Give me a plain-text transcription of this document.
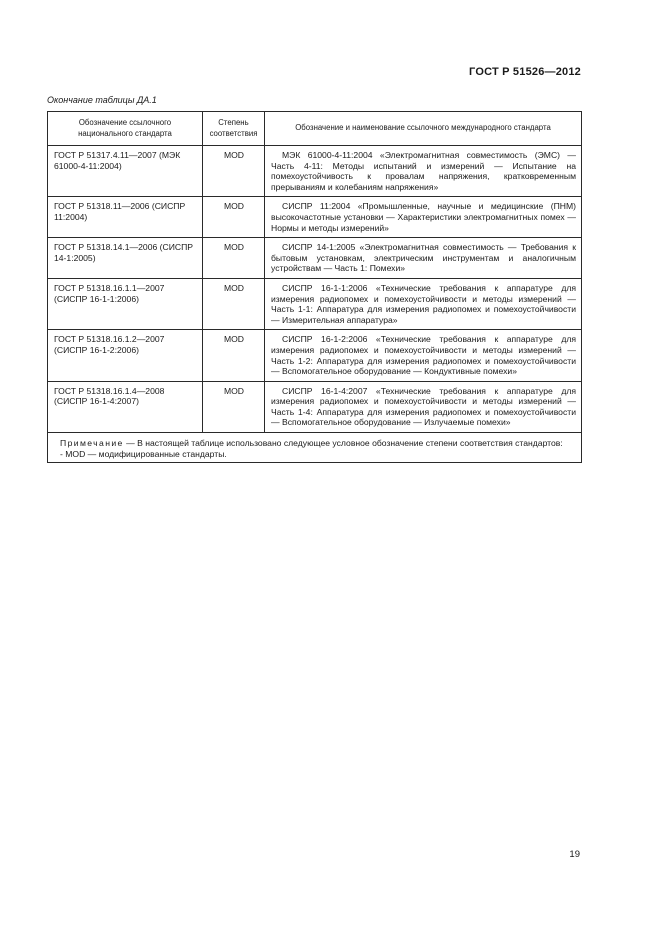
ГОСТ Р 51526—2012
Окончание таблицы ДА.1
Обозначение ссылочного национального стандарта	Степень соответствия	Обозначение и наименование ссылочного международного стандарта
ГОСТ Р 51317.4.11—2007 (МЭК 61000-4-11:2004)	MOD	МЭК 61000-4-11:2004 «Электромагнитная совместимость (ЭМС) — Часть 4-11: Методы испытаний и измерений — Испытание на помехоустойчивость к провалам напряжения, кратковременным прерываниям и колебаниям напряжения»

ГОСТ Р 51318.11—2006 (СИСПР 11:2004)	MOD	СИСПР 11:2004 «Промышленные, научные и медицинские (ПНМ) высокочастотные установки — Характеристики электромагнитных помех — Нормы и методы измерений»

ГОСТ Р 51318.14.1—2006 (СИСПР 14-1:2005)	MOD	СИСПР 14-1:2005 «Электромагнитная совместимость — Требования к бытовым установкам, электрическим инструментам и аналогичным устройствам — Часть 1: Помехи»

ГОСТ Р 51318.16.1.1—2007 (СИСПР 16-1-1:2006)	MOD	СИСПР 16-1-1:2006 «Технические требования к аппаратуре для измерения радиопомех и помехоустойчивости и методы измерений — Часть 1-1: Аппаратура для измерения радиопомех и помехоустойчивости — Измерительная аппаратура»

ГОСТ Р 51318.16.1.2—2007 (СИСПР 16-1-2:2006)	MOD	СИСПР 16-1-2:2006 «Технические требования к аппаратуре для измерения радиопомех и помехоустойчивости и методы измерений — Часть 1-2: Аппаратура для измерения радиопомех и помехоустойчивости — Вспомогательное оборудование — Кондуктивные помехи»

ГОСТ Р 51318.16.1.4—2008 (СИСПР 16-1-4:2007)	MOD	СИСПР 16-1-4:2007 «Технические требования к аппаратуре для измерения радиопомех и помехоустойчивости и методы измерений — Часть 1-4: Аппаратура для измерения радиопомех и помехоустойчивости — Вспомогательное оборудование — Излучаемые помехи»

Примечание — В настоящей таблице использовано следующее условное обозначение степени соответствия стандартов:
- MOD — модифицированные стандарты.		
19
